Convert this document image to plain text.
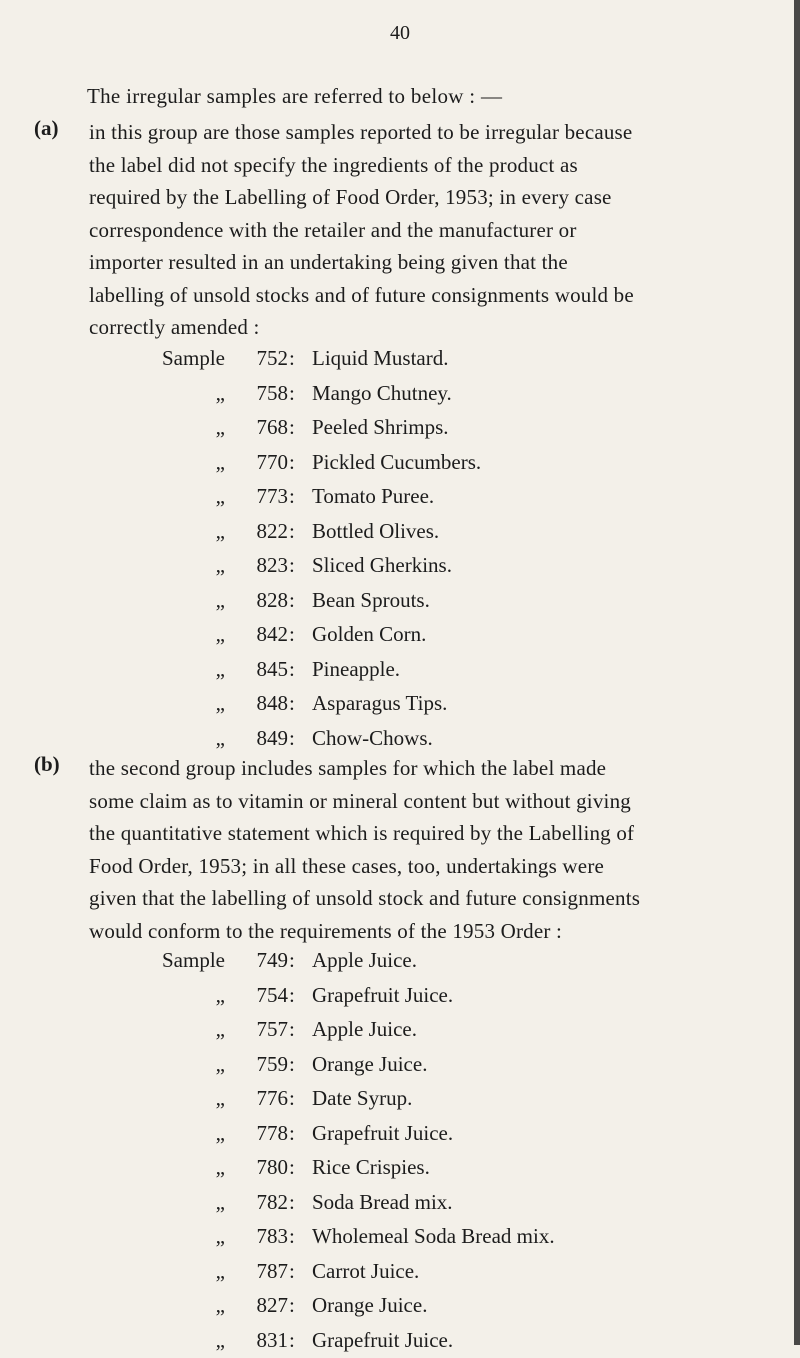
40
The irregular samples are referred to below : —
(a) in this group are those samples reported to be irregular because
the label did not specify the ingredients of the product as
required by the Labelling of Food Order, 1953; in every case
correspondence with the retailer and the manufacturer or
importer resulted in an undertaking being given that the
labelling of unsold stocks and of future consignments would be
correctly amended :
Sample	752 : Liquid Mustard.
„	758 : Mango Chutney.
„	768 : Peeled Shrimps.
„	770 : Pickled Cucumbers.
„	773 : Tomato Puree.
„	822 : Bottled Olives.
„	823 : Sliced Gherkins.
„	828 : Bean Sprouts.
„	842 : Golden Corn.
„	845 : Pineapple.
„	848 : Asparagus Tips.
„	849 : Chow-Chows.
(b) the second group includes samples for which the label made
some claim as to vitamin or mineral content but without giving
the quantitative statement which is required by the Labelling of
Food Order, 1953; in all these cases, too, undertakings were
given that the labelling of unsold stock and future consignments
would conform to the requirements of the 1953 Order :
Sample	749 : Apple Juice.
„	754 : Grapefruit Juice.
„	757 : Apple Juice.
„	759 : Orange Juice.
„	776 : Date Syrup.
„	778 : Grapefruit Juice.
„	780 : Rice Crispies.
„	782 : Soda Bread mix.
„	783 : Wholemeal Soda Bread mix.
„	787 : Carrot Juice.
„	827 : Orange Juice.
„	831 : Grapefruit Juice.
